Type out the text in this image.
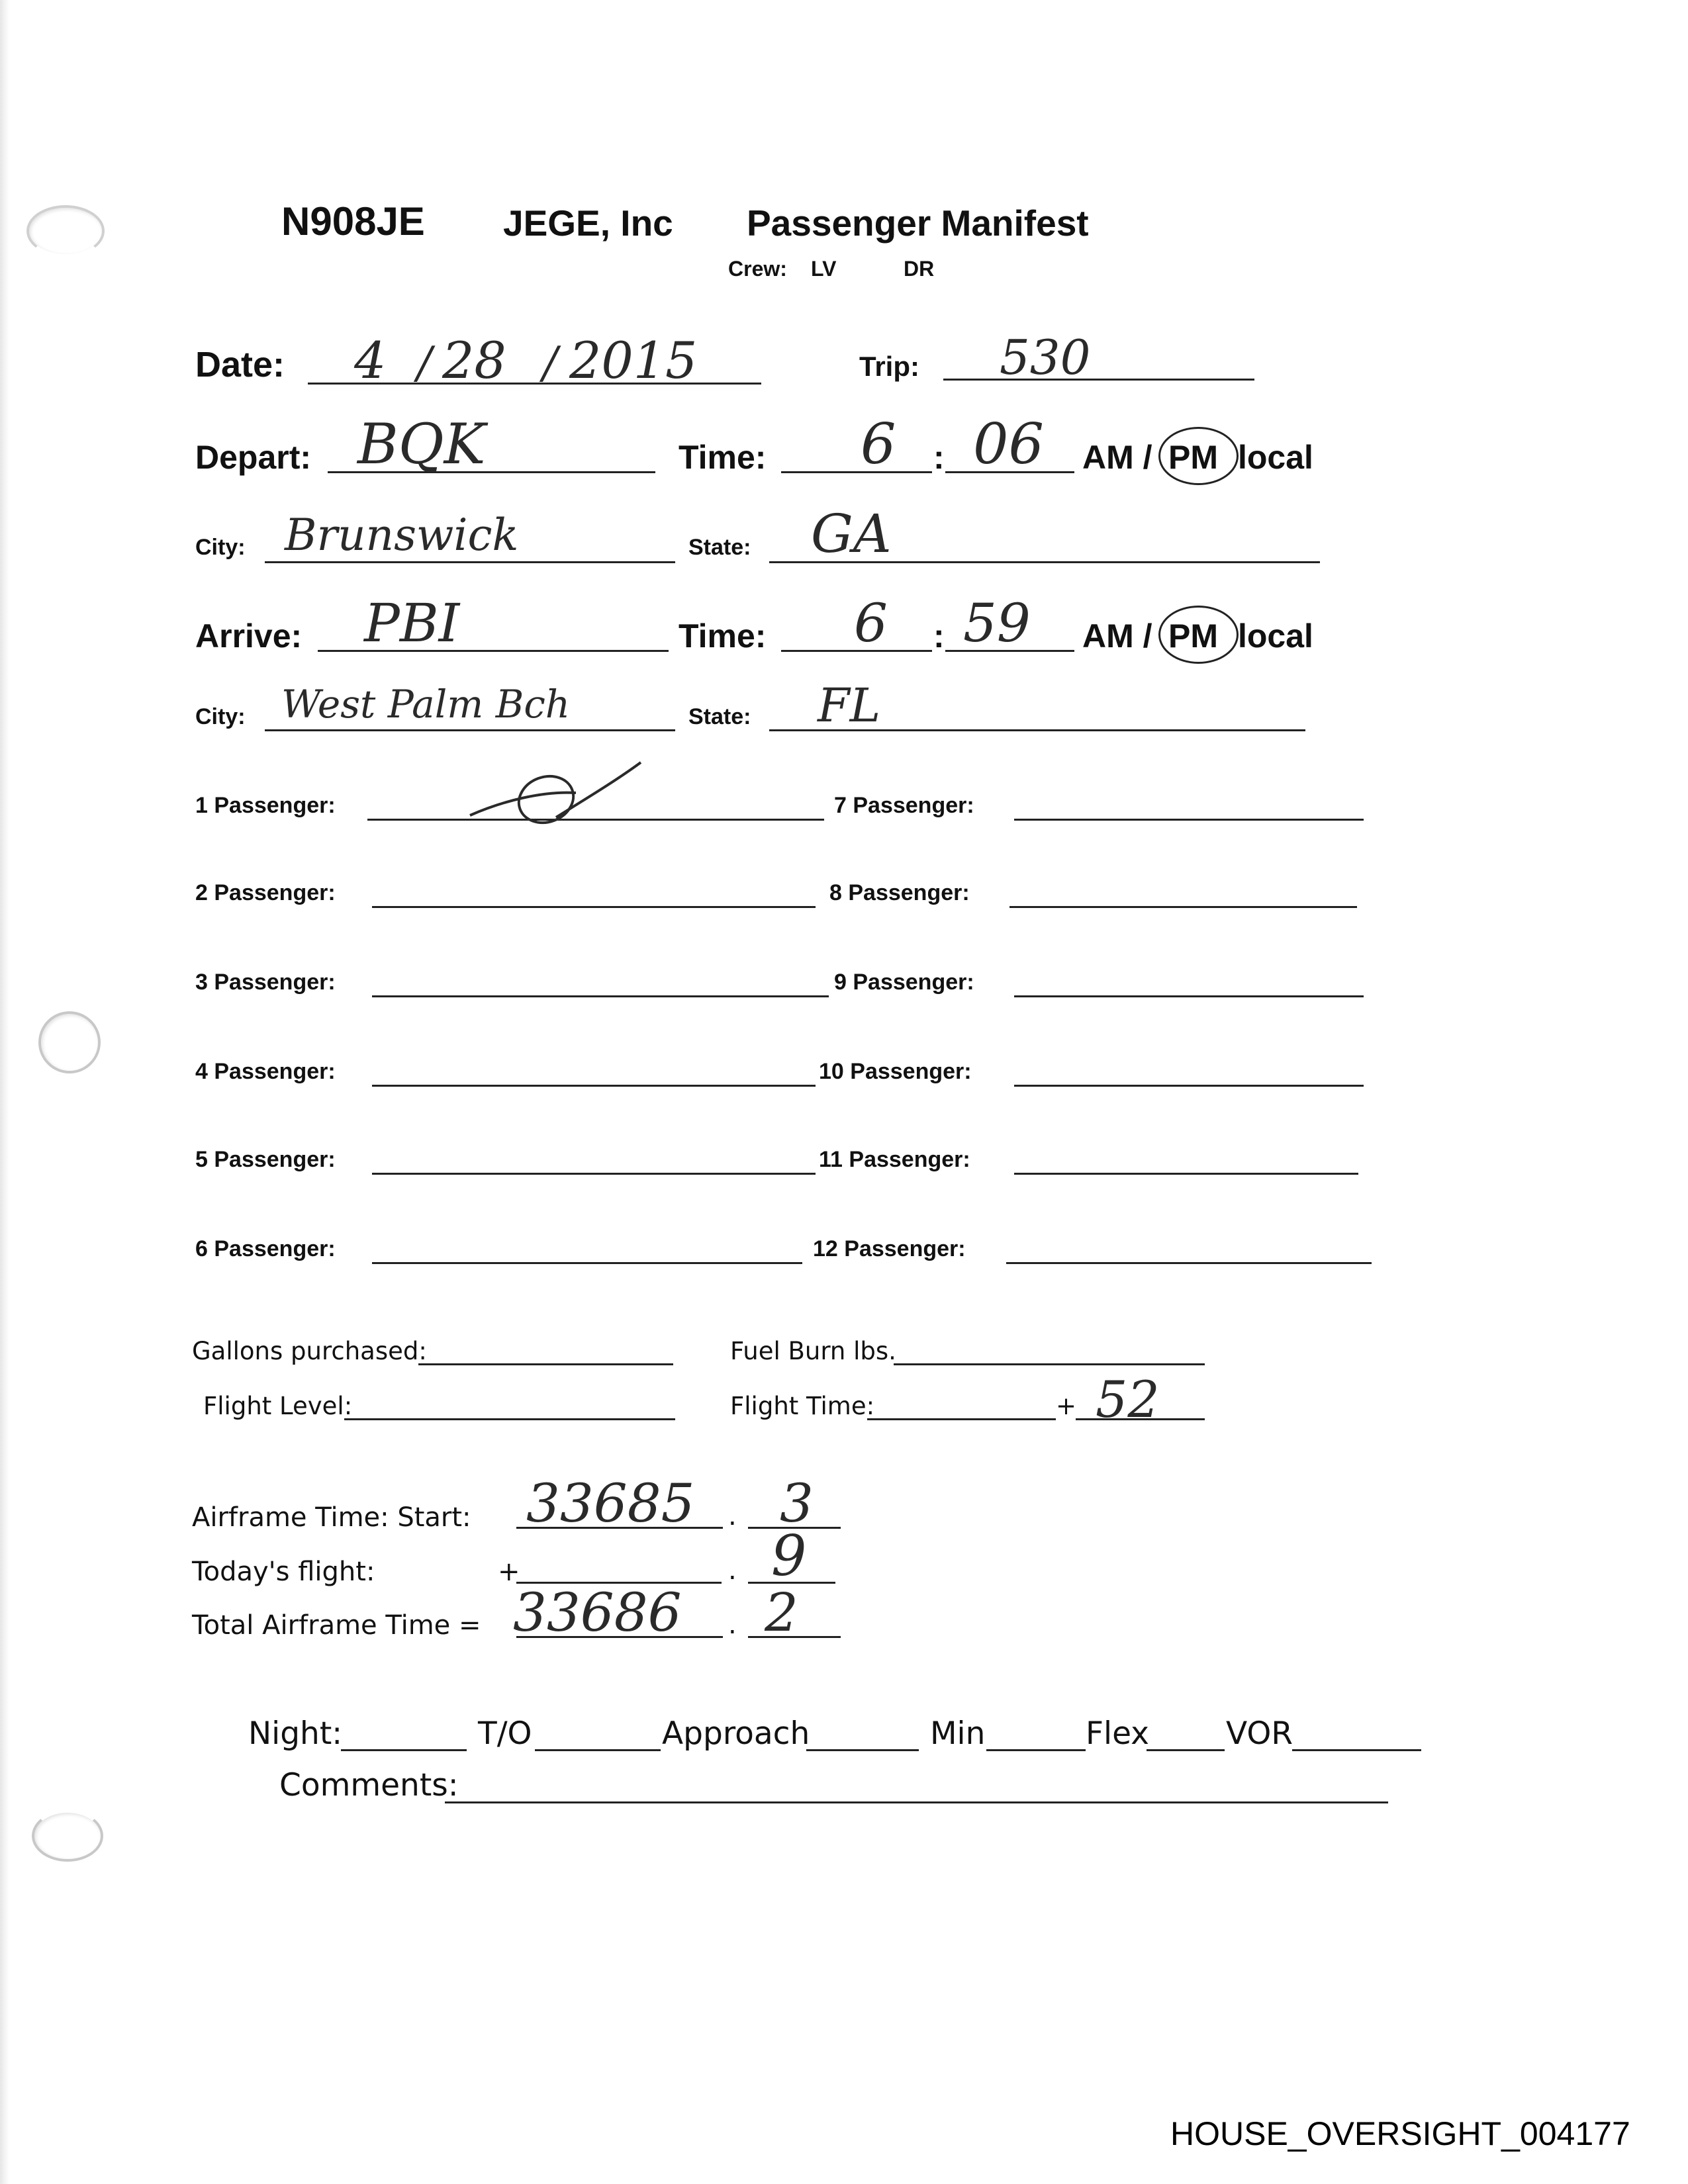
N908JE JEGE, Inc Passenger Manifest
Crew: LV	DR
Date: 4 / 28 / 2015	Trip: 530
Depart: BQK	Time: 6 : 06 AM / PM local
City: Brunswick	State: GA
Arrive: PBI	Time: 6 : 59 AM / PM local
City: West Palm Bch	State: FL
1 Passenger:
0
2 Passenger:
3 Passenger:
4 Passenger:
5 Passenger:
6 Passenger:
7 Passenger:
8 Passenger:
9 Passenger:
10 Passenger:
11 Passenger:
12 Passenger:
Gallons purchased:	Fuel Burn lbs.
Flight Level:	Flight Time:	+ 52
Airframe Time: Start: 33685 . 3
Today's flight:	+	. 9
Total Airframe Time = 33686 . 2
Night:	T/O	Approach	Min	Flex VOR
Comments:
HOUSE_OVERSIGHT_004177
